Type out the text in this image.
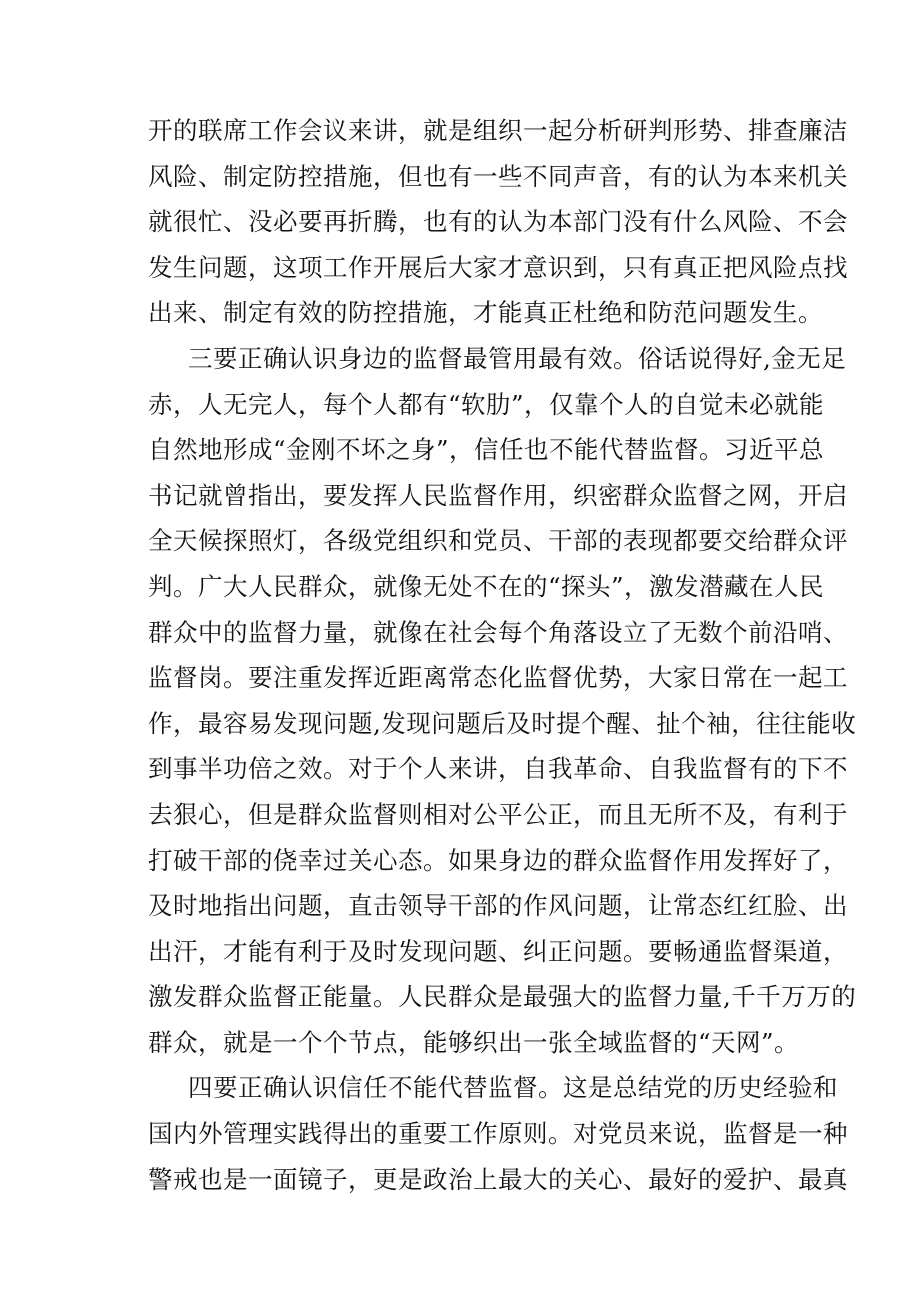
开的联席工作会议来讲，就是组织一起分析研判形势、排查廉洁
风险、制定防控措施，但也有一些不同声音，有的认为本来机关
就很忙、没必要再折腾，也有的认为本部门没有什么风险、不会
发生问题，这项工作开展后大家才意识到，只有真正把风险点找
出来、制定有效的防控措施，才能真正杜绝和防范问题发生。
三要正确认识身边的监督最管用最有效。俗话说得好,金无足
赤，人无完人，每个人都有“软肋”，仅靠个人的自觉未必就能
自然地形成“金刚不坏之身”，信任也不能代替监督。习近平总
书记就曾指出，要发挥人民监督作用，织密群众监督之网，开启
全天候探照灯，各级党组织和党员、干部的表现都要交给群众评
判。广大人民群众，就像无处不在的“探头”，激发潜藏在人民
群众中的监督力量，就像在社会每个角落设立了无数个前沿哨、
监督岗。要注重发挥近距离常态化监督优势，大家日常在一起工
作，最容易发现问题,发现问题后及时提个醒、扯个袖，往往能收
到事半功倍之效。对于个人来讲，自我革命、自我监督有的下不
去狠心，但是群众监督则相对公平公正，而且无所不及，有利于
打破干部的侥幸过关心态。如果身边的群众监督作用发挥好了，
及时地指出问题，直击领导干部的作风问题，让常态红红脸、出
出汗，才能有利于及时发现问题、纠正问题。要畅通监督渠道，
激发群众监督正能量。人民群众是最强大的监督力量,千千万万的
群众，就是一个个节点，能够织出一张全域监督的“天网”。
四要正确认识信任不能代替监督。这是总结党的历史经验和
国内外管理实践得出的重要工作原则。对党员来说，监督是一种
警戒也是一面镜子，更是政治上最大的关心、最好的爱护、最真
